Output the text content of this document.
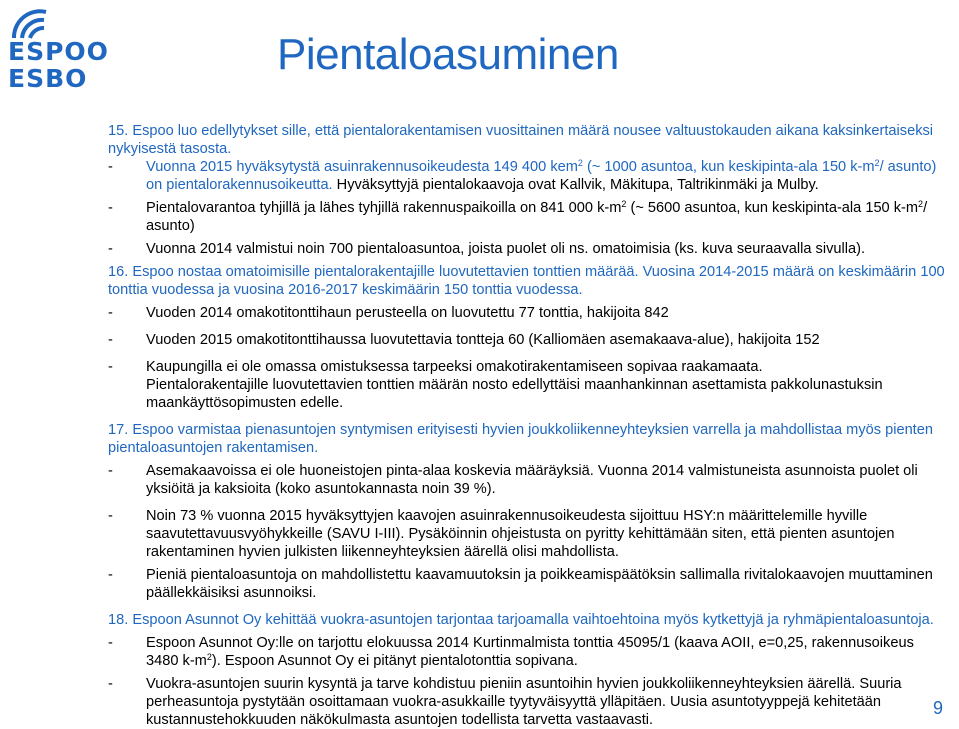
ESPOO
ESBO	Pientaloasuminen

15. Espoo luo edellytykset sille, että pientalorakentamisen vuosittainen määrä nousee valtuustokauden aikana kaksinkertaiseksi nykyisestä tasosta.

- Vuonna 2015 hyväksytystä asuinrakennusoikeudesta 149 400 kem$^2$ (~ 1000 asuntoa, kun keskipinta-ala 150 $k-m^2/$ asunto) on pientalorakennusoikeutta. Hyväksyttyjä pientalokaavoja ovat Kallvik, Mäkitupa, Taltrikinmäki ja Mulby.

- Pientalovarantoa tyhjillä ja lähes tyhjillä rakennuspaikoilla on 841 000 $k-m^2$ (~ 5600 asuntoa, kun keskipinta-ala 150 $k-m^2/$ asunto)

- Vuonna 2014 valmistui noin 700 pientaloasuntoa, joista puolet oli ns. omatoimisia (ks. kuva seuraavalla sivulla).

16. Espoo nostaa omatoimisille pientalorakentajille luovutettavien tonttien määrää. Vuosina 2014-2015 määrä on keskimäärin 100 tonttia vuodessa ja vuosina 2016-2017 keskimäärin 150 tonttia vuodessa.

- Vuoden 2014 omakotitonttihaun perusteella on luovutettu 77 tonttia, hakijoita 842

- Vuoden 2015 omakotitonttihaussa luovutettavia tontteja 60 (Kalliomäen asemakaava-alue), hakijoita 152

- Kaupungilla ei ole omassa omistuksessa tarpeeksi omakotirakentamiseen sopivaa raakamaata.
Pientalorakentajille luovutettavien tonttien määrän nosto edellyttäisi maanhankinnan asettamista pakkolunastuksin maankäyttösopimusten edelle.

17. Espoo varmistaa pienasuntojen syntymisen erityisesti hyvien joukkoliikenneyhteyksien varrella ja mahdollistaa myös pienten pientaloasuntojen rakentamisen.

- Asemakaavoissa ei ole huoneistojen pinta-alaa koskevia määräyksiä. Vuonna 2014 valmistuneista asunnoista puolet oli yksiöitä ja kaksioita (koko asuntokannasta noin 39 %).

- Noin 73 % vuonna 2015 hyväksyttyjen kaavojen asuinrakennusoikeudesta sijoittuu HSY:n määrittelemille hyville saavutettavuusvyöhykkeille (SAVU I-III). Pysäköinnin ohjeistusta on pyritty kehittämään siten, että pienten asuntojen rakentaminen hyvien julkisten liikenneyhteyksien äärellä olisi mahdollista.

- Pieniä pientaloasuntoja on mahdollistettu kaavamuutoksin ja poikkeamispäätöksin sallimalla rivitalokaavojen muuttaminen päällekkäisiksi asunnoiksi.

18. Espoon Asunnot Oy kehittää vuokra-asuntojen tarjontaa tarjoamalla vaihtoehtoina myös kytkettyjä ja ryhmäpientaloasuntoja.

- Espoon Asunnot Oy:lle on tarjottu elokuussa 2014 Kurtinmalmista tonttia 45095/1 (kaava AOII, e=0,25, rakennusoikeus 3480 $k-m^2$). Espoon Asunnot Oy ei pitänyt pientalotonttia sopivana.

- Vuokra-asuntojen suurin kysyntä ja tarve kohdistuu pieniin asuntoihin hyvien joukkoliikenneyhteyksien äärellä. Suuria perheasuntoja pystytään osoittamaan vuokra-asukkaille tyytyväisyyttä ylläpitäen. Uusia asuntotyyppejä kehitetään kustannustehokkuuden näkökulmasta asuntojen todellista tarvetta vastaavasti.

9
